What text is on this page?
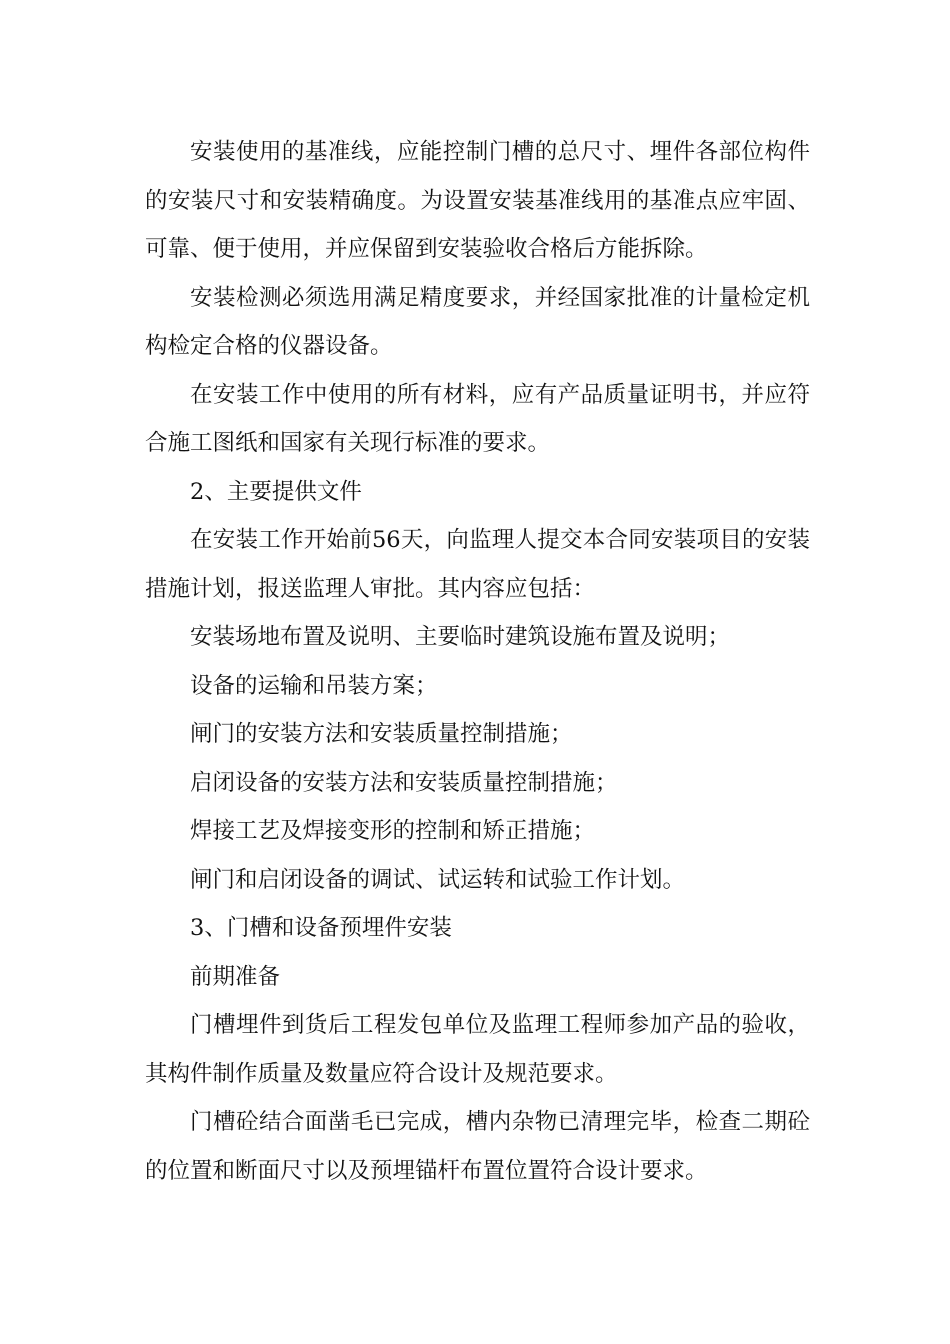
安装使用的基准线，应能控制门槽的总尺寸、埋件各部位构件的安装尺寸和安装精确度。为设置安装基准线用的基准点应牢固、可靠、便于使用，并应保留到安装验收合格后方能拆除。

安装检测必须选用满足精度要求，并经国家批准的计量检定机构检定合格的仪器设备。

在安装工作中使用的所有材料，应有产品质量证明书，并应符合施工图纸和国家有关现行标准的要求。

2、主要提供文件

在安装工作开始前56天，向监理人提交本合同安装项目的安装措施计划，报送监理人审批。其内容应包括：

安装场地布置及说明、主要临时建筑设施布置及说明；

设备的运输和吊装方案；

闸门的安装方法和安装质量控制措施；

启闭设备的安装方法和安装质量控制措施；

焊接工艺及焊接变形的控制和矫正措施；

闸门和启闭设备的调试、试运转和试验工作计划。

3、门槽和设备预埋件安装

前期准备

门槽埋件到货后工程发包单位及监理工程师参加产品的验收，其构件制作质量及数量应符合设计及规范要求。

门槽砼结合面凿毛已完成，槽内杂物已清理完毕，检查二期砼的位置和断面尺寸以及预埋锚杆布置位置符合设计要求。
